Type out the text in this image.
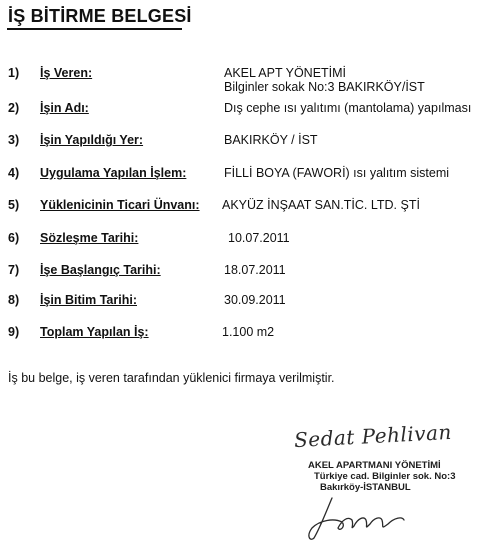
İŞ BİTİRME BELGESİ
1) İş Veren:	AKEL APT YÖNETİMİ
Bilginler sokak No:3 BAKIRKÖY/İST
2) İşin Adı:	Dış cephe ısı yalıtımı (mantolama) yapılması
3) İşin Yapıldığı Yer:	BAKIRKÖY / İST
4) Uygulama Yapılan İşlem:	FİLLİ BOYA (FAWORİ) ısı yalıtım sistemi
5) Yüklenicinin Ticari Ünvanı: AKYÜZ İNŞAAT SAN.TİC. LTD. ŞTİ
6) Sözleşme Tarihi:	10.07.2011
7) İşe Başlangıç Tarihi:	18.07.2011
8) İşin Bitim Tarihi:	30.09.2011
9) Toplam Yapılan İş:	1.100 m2
İş bu belge, iş veren tarafından yüklenici firmaya verilmiştir.
Sedat Pehlivan
AKEL APARTMANI YÖNETİMİ
Türkiye cad. Bilginler sok. No:3
Bakırköy-İSTANBUL
